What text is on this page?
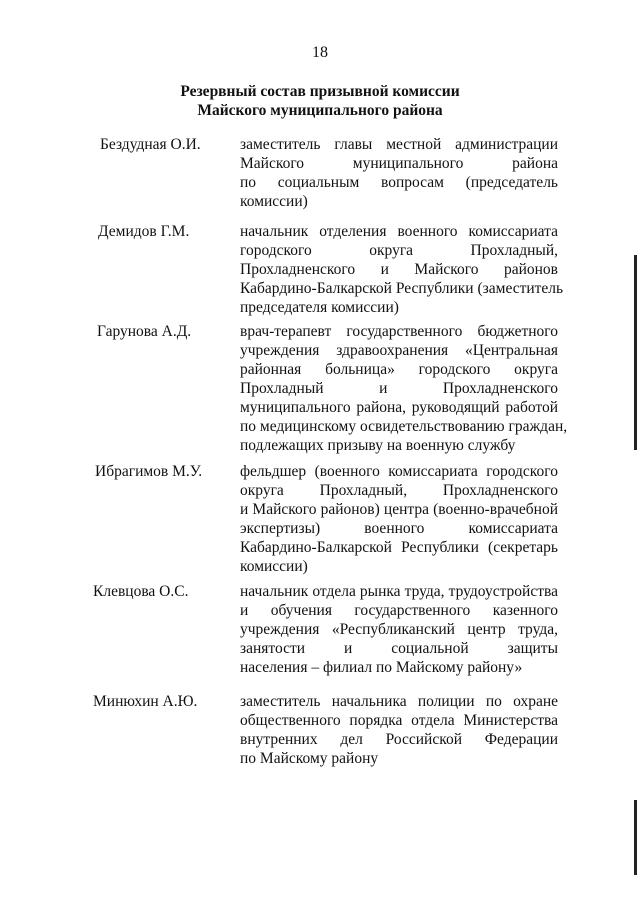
18
Резервный состав призывной комиссии
Майского муниципального района
Бездудная О.И.	заместитель главы местной администрации
Майского муниципального района
по социальным вопросам (председатель
комиссии)
Демидов Г.М.	начальник отделения военного комиссариата
городского округа Прохладный,
Прохладненского и Майского районов
Кабардино-Балкарской Республики (заместитель
председателя комиссии)
Гарунова А.Д.	врач-терапевт государственного бюджетного
учреждения здравоохранения «Центральная
районная больница» городского округа
Прохладный и Прохладненского
муниципального района, руководящий работой
по медицинскому освидетельствованию граждан,
подлежащих призыву на военную службу
Ибрагимов М.У. фельдшер (военного комиссариата городского
округа Прохладный, Прохладненского
и Майского районов) центра (военно-врачебной
экспертизы) военного комиссариата
Кабардино-Балкарской Республики (секретарь
комиссии)
Клевцова О.С.	начальник отдела рынка труда, трудоустройства
и обучения государственного казенного
учреждения «Республиканский центр труда,
занятости и социальной защиты
населения – филиал по Майскому району»
Минюхин А.Ю.	заместитель начальника полиции по охране
общественного порядка отдела Министерства
внутренних дел Российской Федерации
по Майскому району
